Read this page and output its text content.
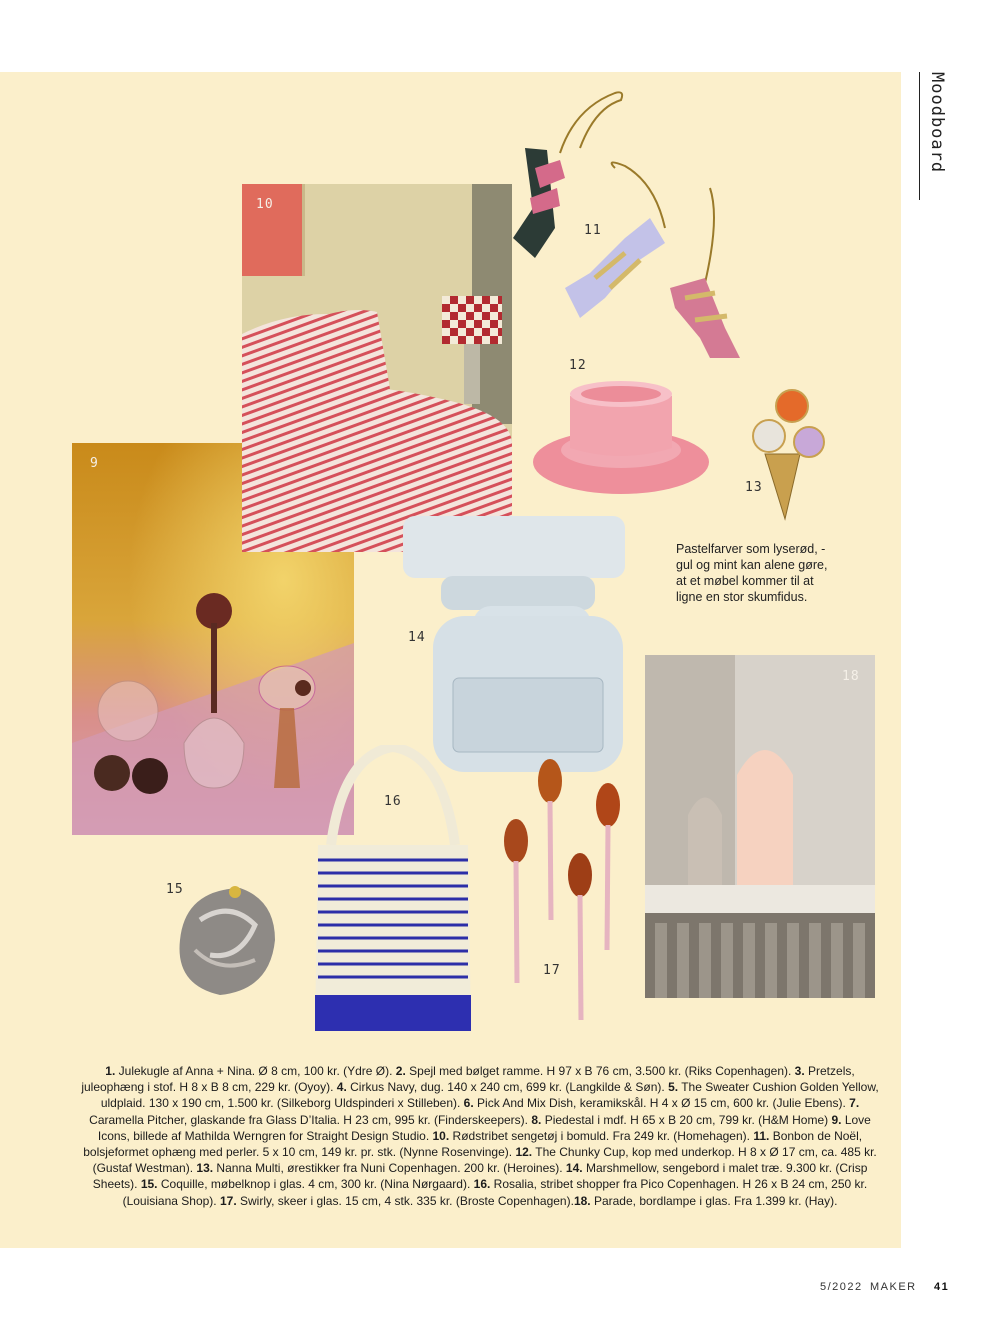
Moodboard
9
10
11
12
13
Pastelfarver som lyserød, -gul og mint kan alene gøre, at et møbel kommer til at ligne en stor skumfidus.
14
18
15
16
17
1. Julekugle af Anna + Nina. Ø 8 cm, 100 kr. (Ydre Ø). 2. Spejl med bølget ramme. H 97 x B 76 cm, 3.500 kr. (Riks Copenhagen). 3. Pretzels, juleophæng i stof. H 8 x B 8 cm, 229 kr. (Oyoy). 4. Cirkus Navy, dug. 140 x 240 cm, 699 kr. (Langkilde & Søn). 5. The Sweater Cushion Golden Yellow, uldplaid. 130 x 190 cm, 1.500 kr. (Silkeborg Uldspinderi x Stilleben). 6. Pick And Mix Dish, keramikskål. H 4 x Ø 15 cm, 600 kr. (Julie Ebens). 7. Caramella Pitcher, glaskande fra Glass D’Italia. H 23 cm, 995 kr. (Finderskeepers). 8. Piedestal i mdf. H 65 x B 20 cm, 799 kr. (H&M Home) 9. Love Icons, billede af Mathilda Werngren for Straight Design Studio. 10. Rødstribet sengetøj i bomuld. Fra 249 kr. (Homehagen). 11. Bonbon de Noël, bolsjeformet ophæng med perler. 5 x 10 cm, 149 kr. pr. stk. (Nynne Rosenvinge). 12. The Chunky Cup, kop med underkop. H 8 x Ø 17 cm, ca. 485 kr. (Gustaf Westman). 13. Nanna Multi, ørestikker fra Nuni Copenhagen. 200 kr. (Heroines). 14. Marshmellow, sengebord i malet træ. 9.300 kr. (Crisp Sheets). 15. Coquille, møbelknop i glas. 4 cm, 300 kr. (Nina Nørgaard). 16. Rosalia, stribet shopper fra Pico Copenhagen. H 26 x B 24 cm, 250 kr. (Louisiana Shop). 17. Swirly, skeer i glas. 15 cm, 4 stk. 335 kr. (Broste Copenhagen).18. Parade, bordlampe i glas. Fra 1.399 kr. (Hay).
5/2022 MAKER 41
